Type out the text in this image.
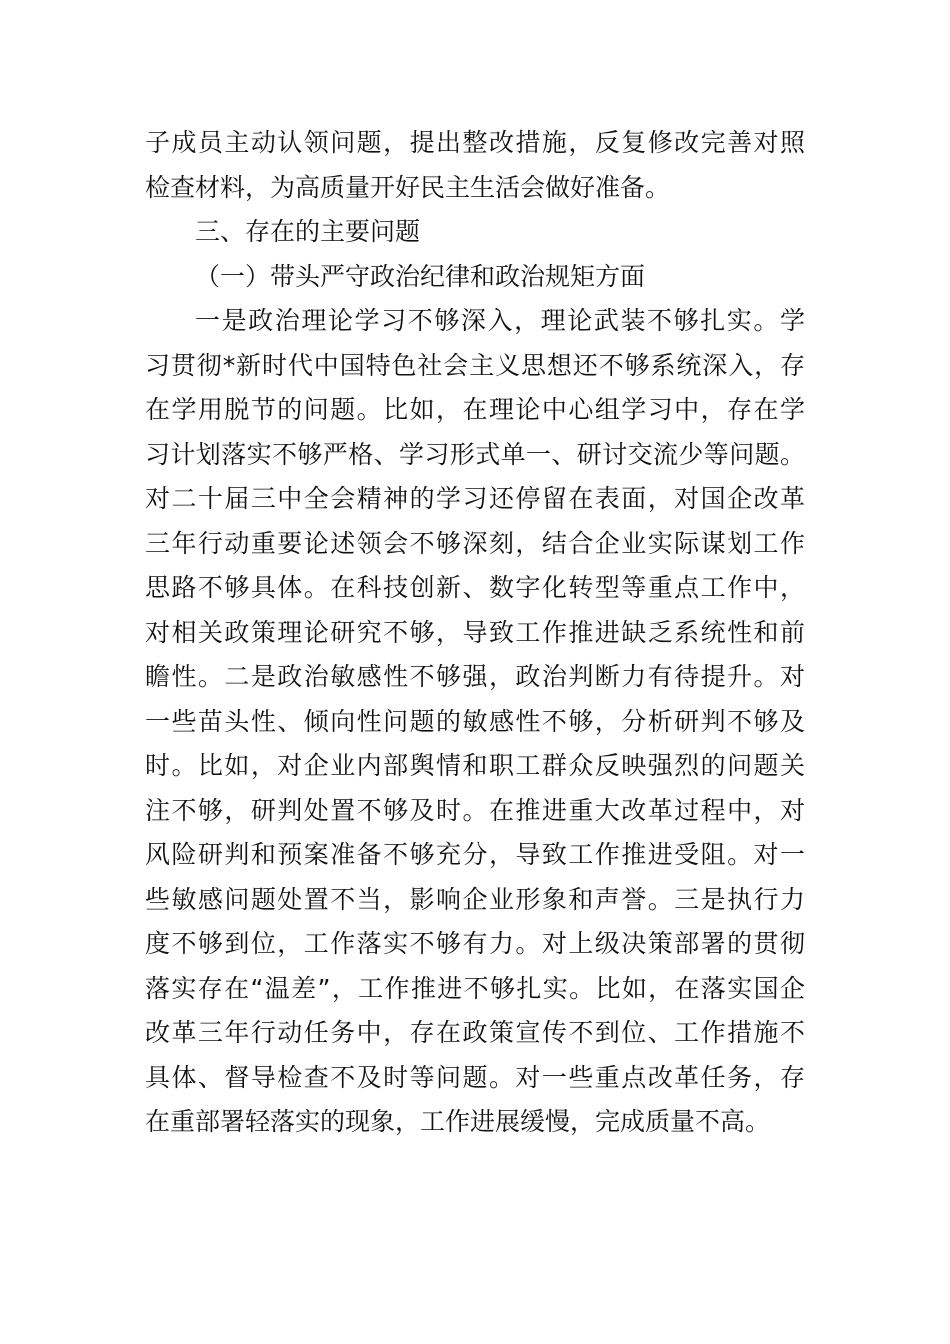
子成员主动认领问题，提出整改措施，反复修改完善对照
检查材料，为高质量开好民主生活会做好准备。
三、存在的主要问题
（一）带头严守政治纪律和政治规矩方面
一是政治理论学习不够深入，理论武装不够扎实。学
习贯彻*新时代中国特色社会主义思想还不够系统深入，存
在学用脱节的问题。比如，在理论中心组学习中，存在学
习计划落实不够严格、学习形式单一、研讨交流少等问题。
对二十届三中全会精神的学习还停留在表面，对国企改革
三年行动重要论述领会不够深刻，结合企业实际谋划工作
思路不够具体。在科技创新、数字化转型等重点工作中，
对相关政策理论研究不够，导致工作推进缺乏系统性和前
瞻性。二是政治敏感性不够强，政治判断力有待提升。对
一些苗头性、倾向性问题的敏感性不够，分析研判不够及
时。比如，对企业内部舆情和职工群众反映强烈的问题关
注不够，研判处置不够及时。在推进重大改革过程中，对
风险研判和预案准备不够充分，导致工作推进受阻。对一
些敏感问题处置不当，影响企业形象和声誉。三是执行力
度不够到位，工作落实不够有力。对上级决策部署的贯彻
落实存在“温差”，工作推进不够扎实。比如，在落实国企
改革三年行动任务中，存在政策宣传不到位、工作措施不
具体、督导检查不及时等问题。对一些重点改革任务，存
在重部署轻落实的现象，工作进展缓慢，完成质量不高。
